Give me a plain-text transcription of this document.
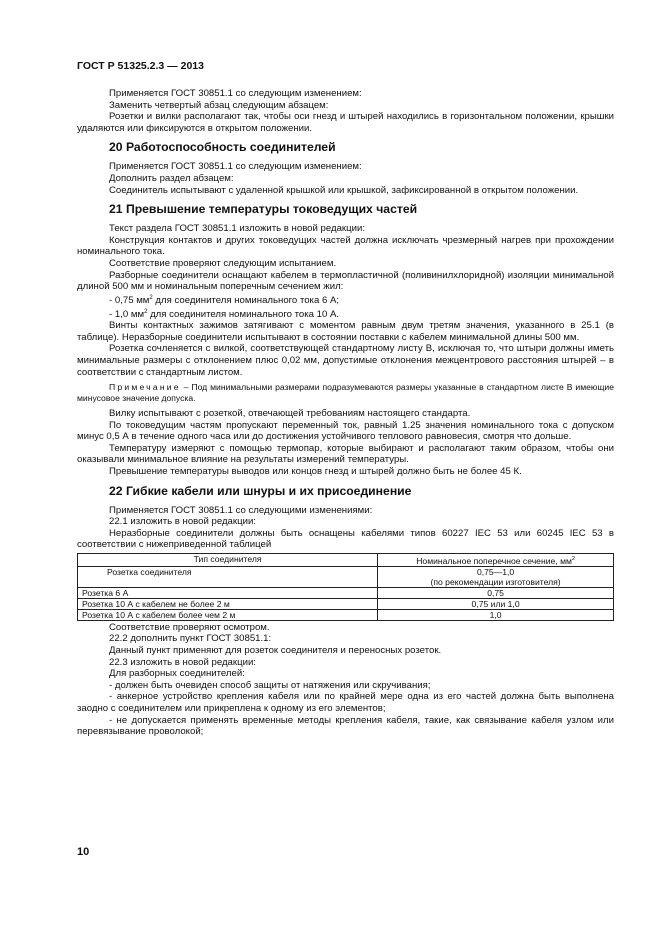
ГОСТ Р 51325.2.3 — 2013

Применяется ГОСТ 30851.1 со следующим изменением:

Заменить четвертый абзац следующим абзацем:

Розетки и вилки располагают так, чтобы оси гнезд и штырей находились в горизонтальном положении, крышки удаляются или фиксируются в открытом положении.

20 Работоспособность соединителей

Применяется ГОСТ 30851.1 со следующим изменением:

Дополнить раздел абзацем:

Соединитель испытывают с удаленной крышкой или крышкой, зафиксированной в открытом положении.

21 Превышение температуры токоведущих частей

Текст раздела ГОСТ 30851.1 изложить в новой редакции:

Конструкция контактов и других токоведущих частей должна исключать чрезмерный нагрев при прохождении номинального тока.

Соответствие проверяют следующим испытанием.

Разборные соединители оснащают кабелем в термопластичной (поливинилхлоридной) изоляции минимальной длиной 500 мм и номинальным поперечным сечением жил:

- 0,75 $мм^2$ для соединителя номинального тока 6 А;

- 1,0 $мм^2$ для соединителя номинального тока 10 А.

Винты контактных зажимов затягивают с моментом равным двум третям значения, указанного в 25.1 (в таблице). Неразборные соединители испытывают в состоянии поставки с кабелем минимальной длины 500 мм.

Розетка сочленяется с вилкой, соответствующей стандартному листу В, исключая то, что штыри должны иметь минимальные размеры с отклонением плюс 0,02 мм, допустимые отклонения межцентрового расстояния штырей – в соответствии с стандартным листом.

Примечание – Под минимальными размерами подразумеваются размеры указанные в стандартном листе В имеющие минусовое значение допуска.

Вилку испытывают с розеткой, отвечающей требованиям настоящего стандарта.

По токоведущим частям пропускают переменный ток, равный 1.25 значения номинального тока с допуском минус 0,5 А в течение одного часа или до достижения устойчивого теплового равновесия, смотря что дольше.

Температуру измеряют с помощью термопар, которые выбирают и располагают таким образом, чтобы они оказывали минимальное влияние на результаты измерений температуры.

Превышение температуры выводов или концов гнезд и штырей должно быть не более 45 К.

22 Гибкие кабели или шнуры и их присоединение

Применяется ГОСТ 30851.1 со следующими изменениями:

22.1 изложить в новой редакции:

Неразборные соединители должны быть оснащены кабелями типов 60227 IEC 53 или 60245 IEC 53 в соответствии с нижеприведенной таблицей

Тип соединителя	Номинальное поперечное сечение, $мм^2$
Розетка соединителя	0,75—1,0
(по рекомендации изготовителя)

Розетка 6 А	0,75
Розетка 10 А с кабелем не более 2 м	0,75 или 1,0
Розетка 10 А с кабелем более чем 2 м	1,0

Соответствие проверяют осмотром.

22.2 дополнить пункт ГОСТ 30851.1:

Данный пункт применяют для розеток соединителя и переносных розеток.

22.3 изложить в новой редакции:

Для разборных соединителей:

- должен быть очевиден способ защиты от натяжения или скручивания;

- анкерное устройство крепления кабеля или по крайней мере одна из его частей должна быть выполнена заодно с соединителем или прикреплена к одному из его элементов;

- не допускается применять временные методы крепления кабеля, такие, как связывание кабеля узлом или перевязывание проволокой;

10
